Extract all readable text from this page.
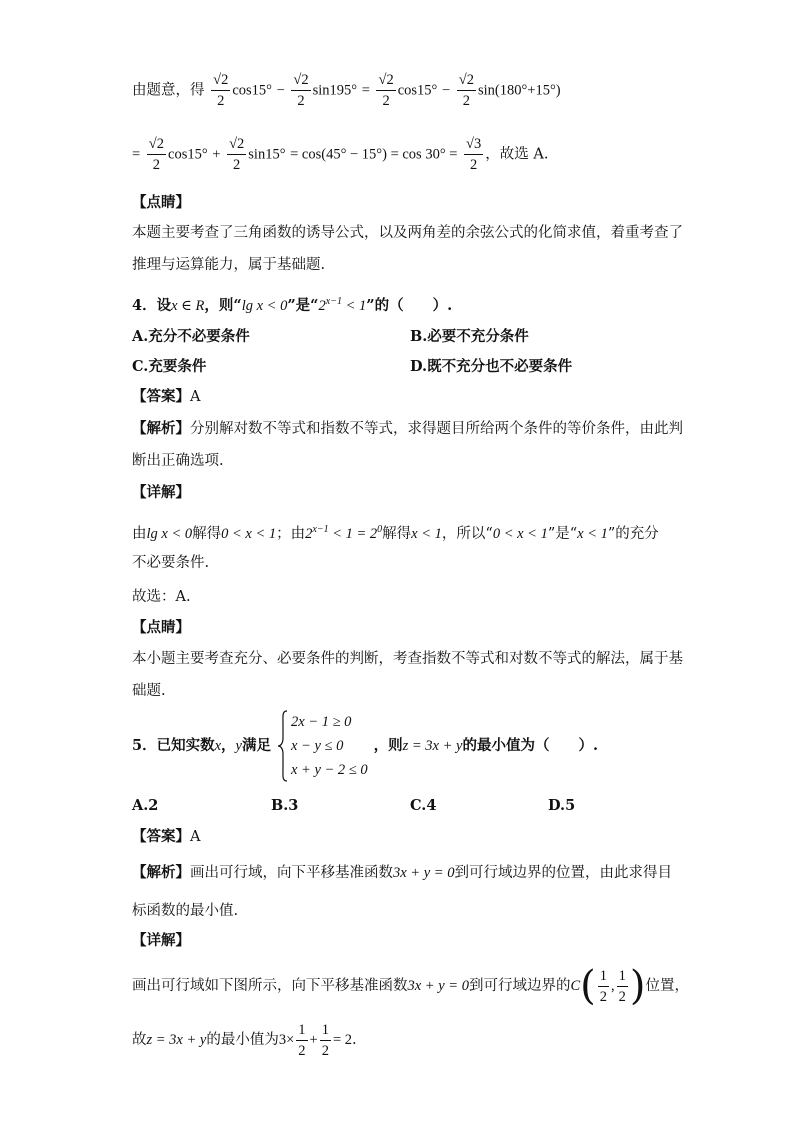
由题意，得 $\frac{√2}{2} \cos 15^\circ - \frac{√2}{2} \sin 195^\circ = \frac{√2}{2} \cos 15^\circ - \frac{√2}{2} \sin(180^\circ+15^\circ)$
= $\frac{√2}{2} \cos 15^\circ + \frac{√2}{2} \sin 15^\circ = \cos(45^\circ - 15^\circ) = \cos 30^\circ = \frac{√3}{2}$ ，故选 A.
【点睛】
本题主要考查了三角函数的诱导公式，以及两角差的余弦公式的化简求值，着重考查了
推理与运算能力，属于基础题.
4．设x ∈ R，则“lg x < 0”是“$2^{x-1} < 1$”的（　　）.
A.充分不必要条件	B.必要不充分条件
C.充要条件	D.既不充分也不必要条件
【答案】A
【解析】分别解对数不等式和指数不等式，求得题目所给两个条件的等价条件，由此判
断出正确选项.
【详解】
由lg x < 0解得0 < x < 1；由$2^{x-1} < 1 = 2^0$解得x < 1，所以“0 < x < 1”是“x < 1”的充分
不必要条件.
故选：A.
【点睛】
本小题主要考查充分、必要条件的判断，考查指数不等式和对数不等式的解法，属于基
础题.
5．已知实数x，y满足
2x − 1 ≥ 0
x − y ≤ 0
x + y − 2 ≤ 0
，则z = 3x + y的最小值为（　　）.
A.2	B.3	C.4	D.5
【答案】A
【解析】画出可行域，向下平移基准函数3x + y = 0到可行域边界的位置，由此求得目
标函数的最小值.
【详解】
画出可行域如下图所示，向下平移基准函数3x + y = 0到可行域边界的$C( \frac{1}{2}$ , $\frac{1}{2}$ )位置，
故z = 3x + y的最小值为$3\times \frac{1}{2} + \frac{1}{2} = 2$.
